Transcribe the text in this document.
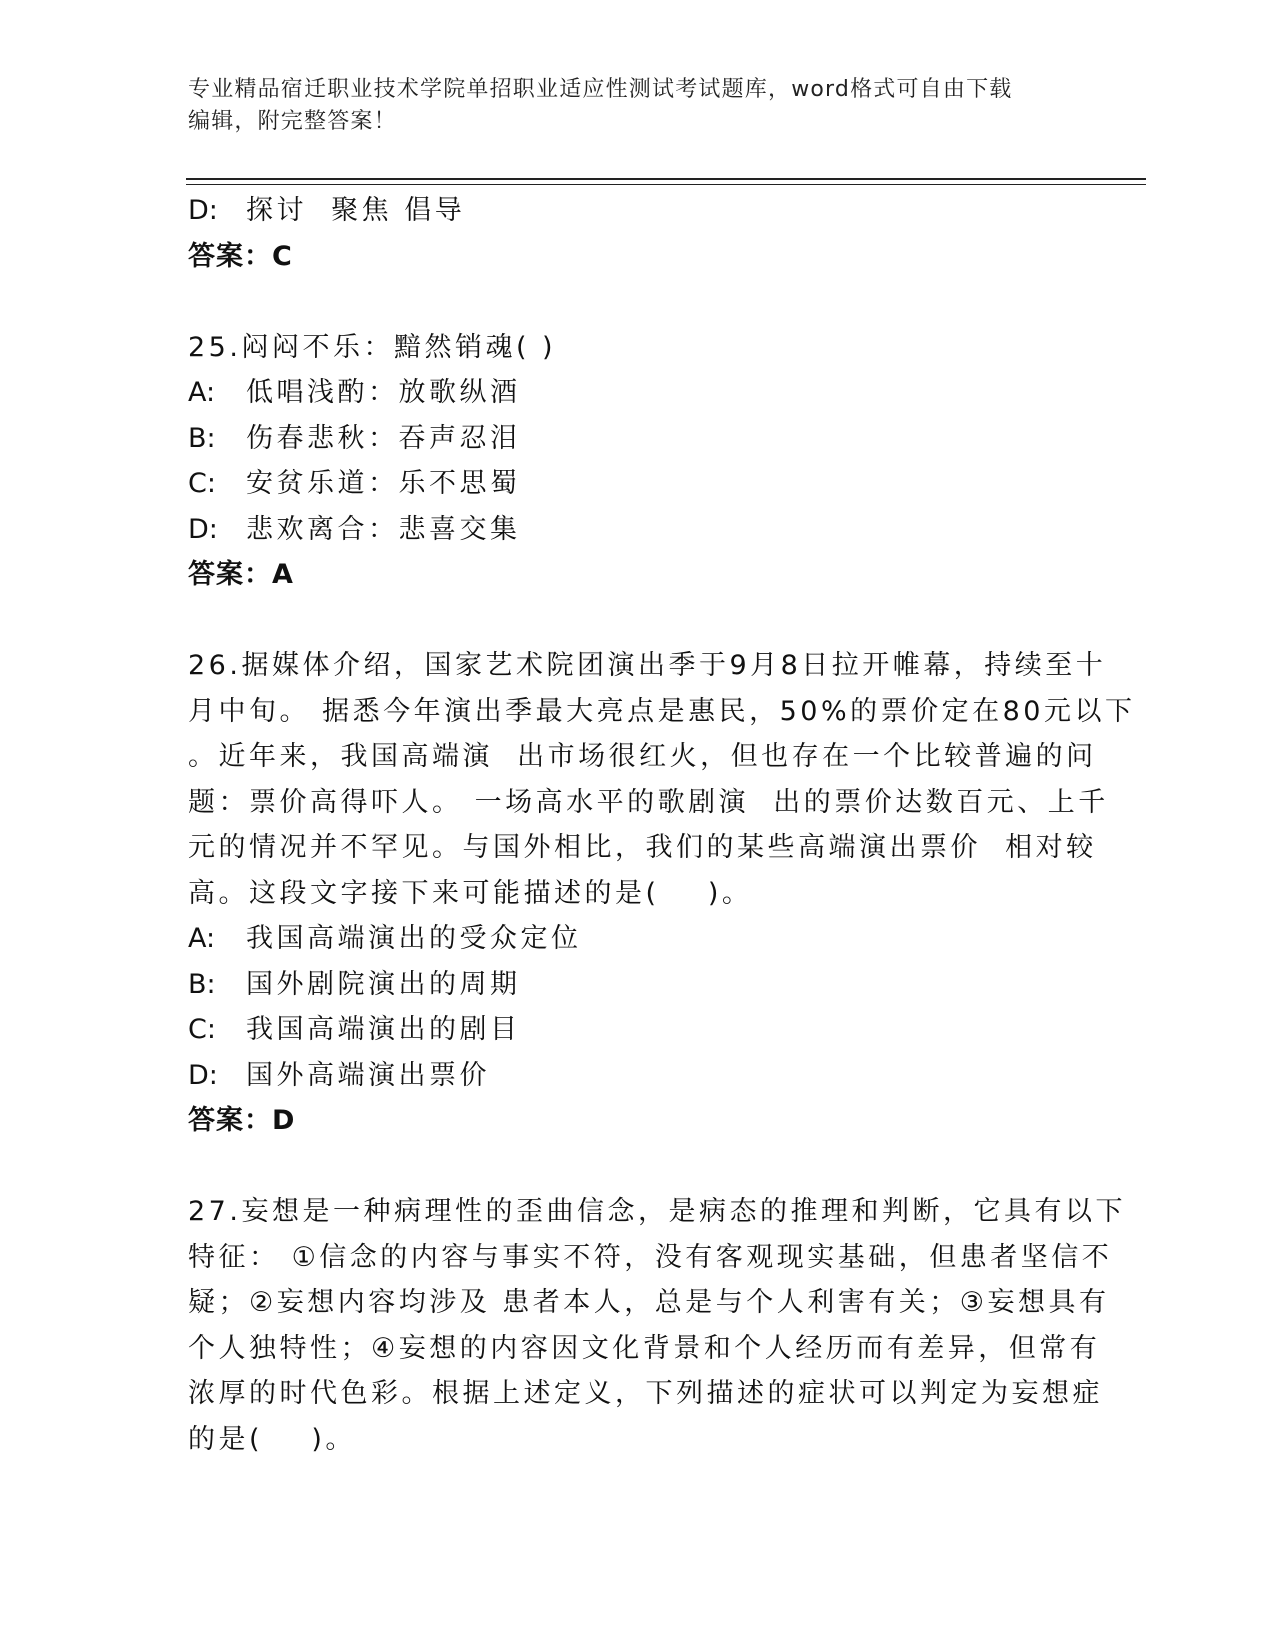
专业精品宿迁职业技术学院单招职业适应性测试考试题库，word格式可自由下载
编辑，附完整答案！
D:	探讨  聚焦 倡导
答案：C
25.闷闷不乐：黯然销魂( )
A:	低唱浅酌：放歌纵酒
B:	伤春悲秋：吞声忍泪
C:	安贫乐道：乐不思蜀
D:	悲欢离合：悲喜交集
答案：A
26.据媒体介绍，国家艺术院团演出季于9月8日拉开帷幕，持续至十
月中旬。 据悉今年演出季最大亮点是惠民，50%的票价定在80元以下
。近年来，我国高端演  出市场很红火，但也存在一个比较普遍的问
题：票价高得吓人。 一场高水平的歌剧演  出的票价达数百元、上千
元的情况并不罕见。与国外相比，我们的某些高端演出票价  相对较
高。这段文字接下来可能描述的是(    )。
A:	我国高端演出的受众定位
B:	国外剧院演出的周期
C:	我国高端演出的剧目
D:	国外高端演出票价
答案：D
27.妄想是一种病理性的歪曲信念，是病态的推理和判断，它具有以下
特征： ①信念的内容与事实不符，没有客观现实基础，但患者坚信不
疑；②妄想内容均涉及 患者本人，总是与个人利害有关；③妄想具有
个人独特性；④妄想的内容因文化背景和个人经历而有差异，但常有
浓厚的时代色彩。根据上述定义，下列描述的症状可以判定为妄想症
的是(    )。
